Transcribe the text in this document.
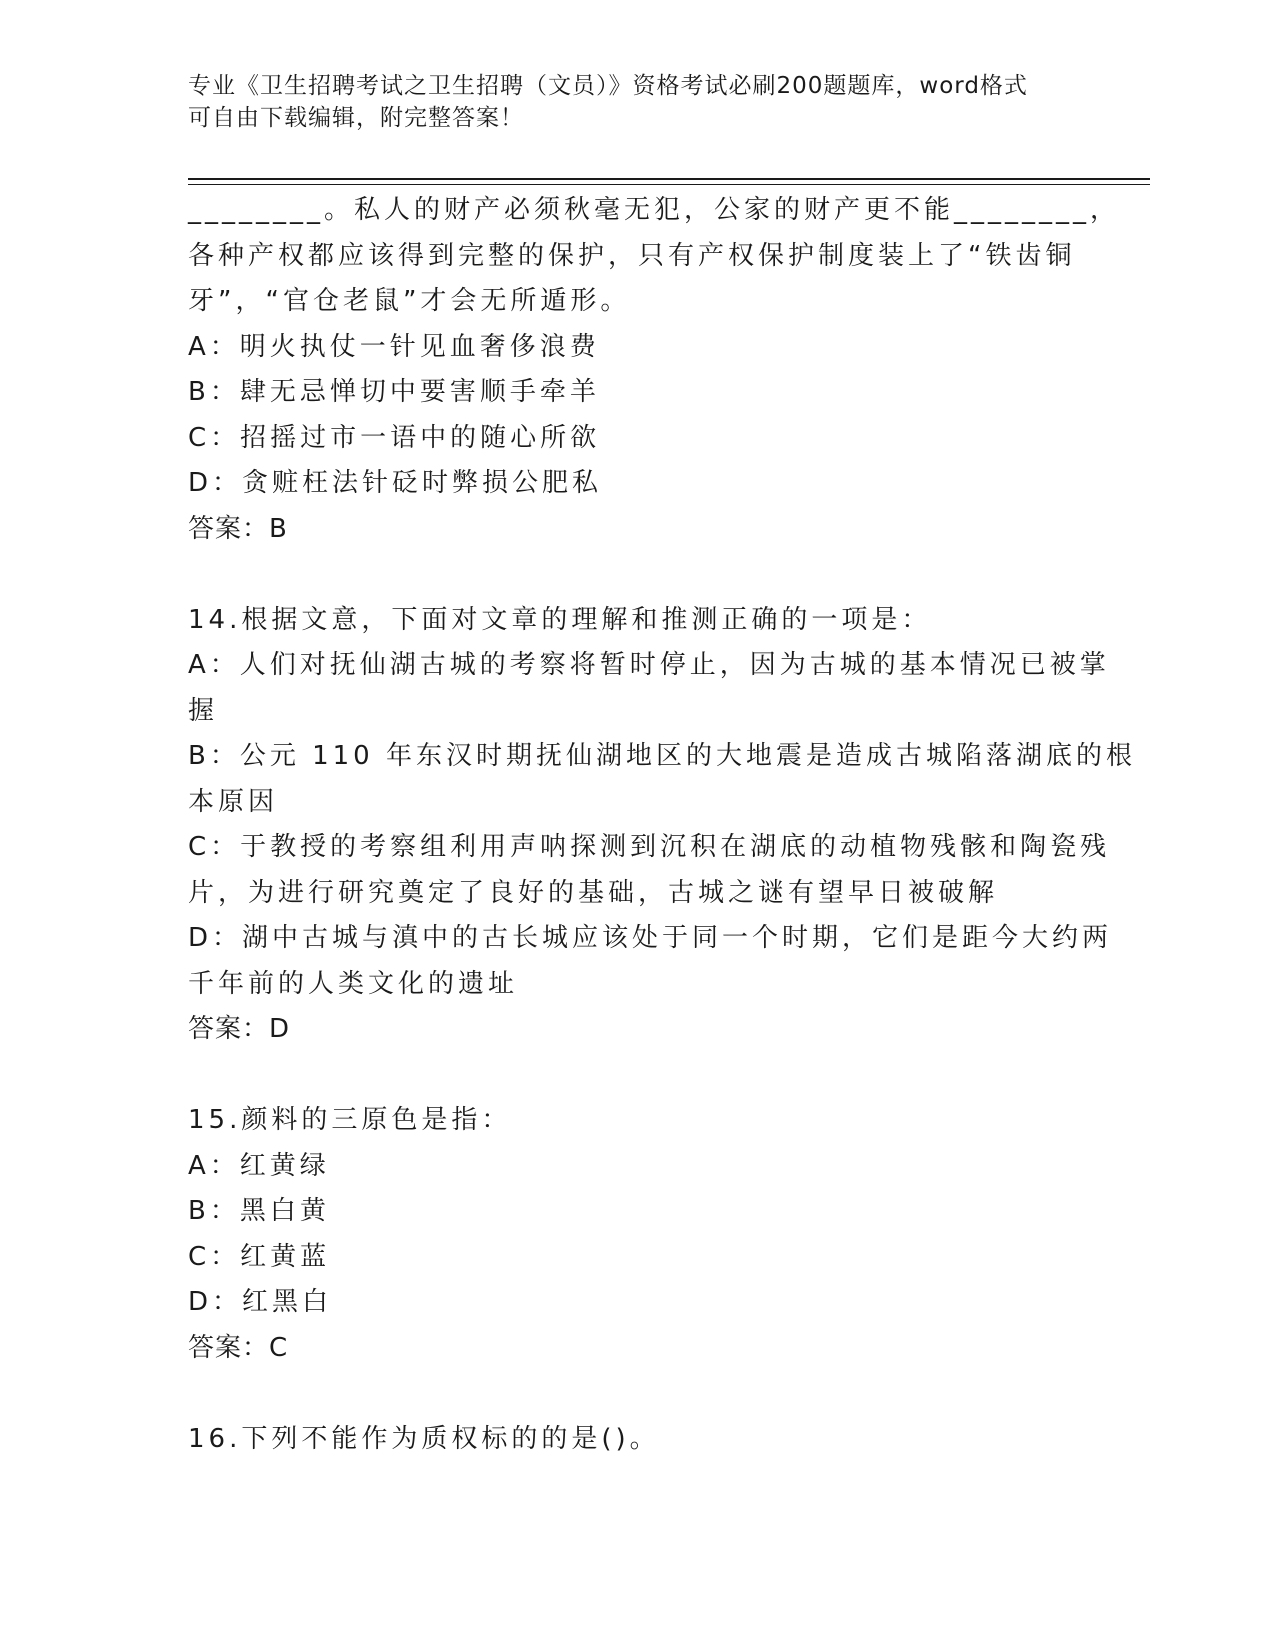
专业《卫生招聘考试之卫生招聘（文员）》资格考试必刷200题题库，word格式
可自由下载编辑，附完整答案！
________。私人的财产必须秋毫无犯，公家的财产更不能________，
各种产权都应该得到完整的保护，只有产权保护制度装上了“铁齿铜
牙”，“官仓老鼠”才会无所遁形。
A：明火执仗一针见血奢侈浪费
B：肆无忌惮切中要害顺手牵羊
C：招摇过市一语中的随心所欲
D：贪赃枉法针砭时弊损公肥私
答案：B
14.根据文意，下面对文章的理解和推测正确的一项是：
A：人们对抚仙湖古城的考察将暂时停止，因为古城的基本情况已被掌
握
B：公元 110 年东汉时期抚仙湖地区的大地震是造成古城陷落湖底的根
本原因
C：于教授的考察组利用声呐探测到沉积在湖底的动植物残骸和陶瓷残
片，为进行研究奠定了良好的基础，古城之谜有望早日被破解
D：湖中古城与滇中的古长城应该处于同一个时期，它们是距今大约两
千年前的人类文化的遗址
答案：D
15.颜料的三原色是指：
A：红黄绿
B：黑白黄
C：红黄蓝
D：红黑白
答案：C
16.下列不能作为质权标的的是()。
